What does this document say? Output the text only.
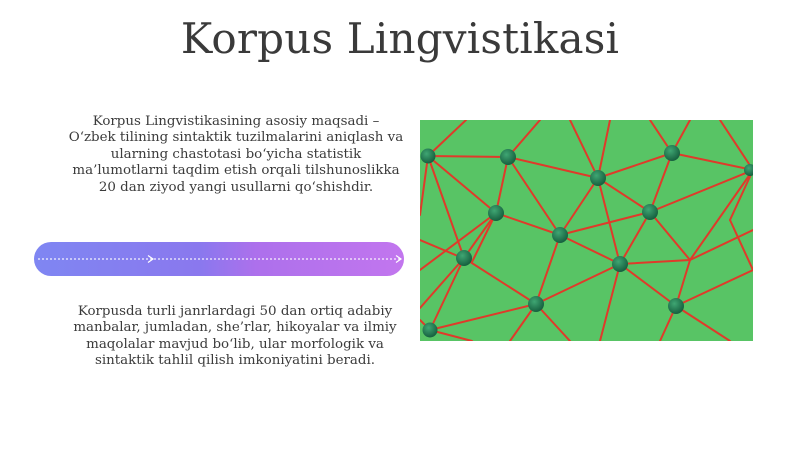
Korpus Lingvistikasi

Korpus Lingvistikasining asosiy maqsadi – O‘zbek tilining sintaktik tuzilmalarini aniqlash va ularning chastotasi bo‘yicha statistik ma’lumotlarni taqdim etish orqali tilshunoslikka 20 dan ziyod yangi usullarni qo‘shishdir.

Korpusda turli janrlardagi 50 dan ortiq adabiy manbalar, jumladan, she’rlar, hikoyalar va ilmiy maqolalar mavjud bo‘lib, ular morfologik va sintaktik tahlil qilish imkoniyatini beradi.
